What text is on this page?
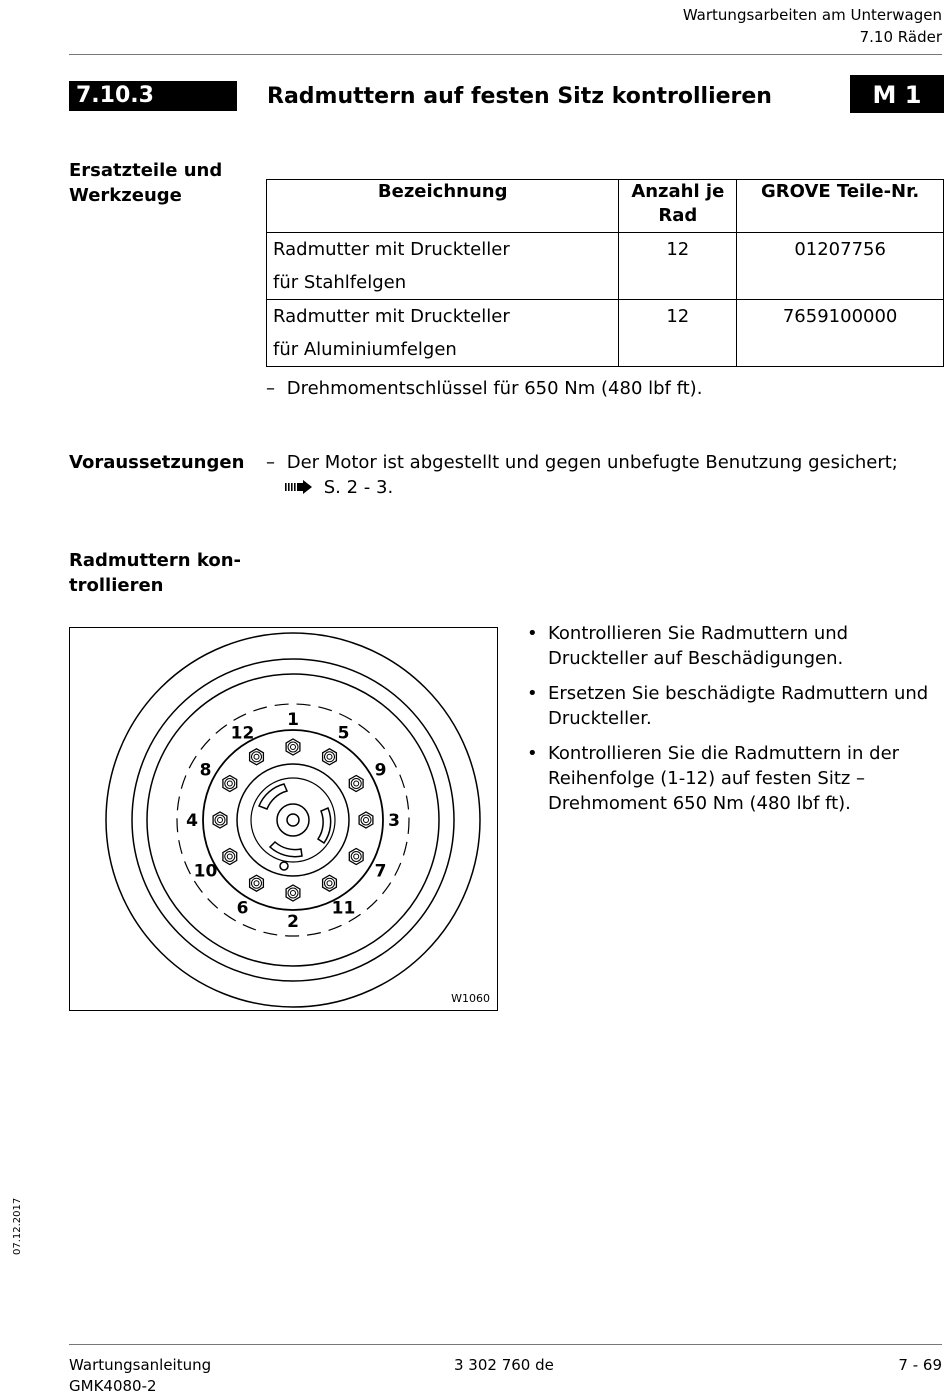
Wartungsarbeiten am Unterwagen
7.10 Räder
7.10.3	Radmuttern auf festen Sitz kontrollieren	M 1
Ersatzteile und Werkzeuge	Bezeichnung	Anzahl je Rad	GROVE Teile-Nr.

Radmutter mit Druckteller
für Stahlfelgen	12	01207756

Radmutter mit Druckteller
für Aluminiumfelgen	12	7659100000
– Drehmomentschlüssel für 650 Nm (480 lbf ft).
Voraussetzungen – Der Motor ist abgestellt und gegen unbefugte Benutzung gesichert;
S. 2 - 3.
Radmuttern kon-
trollieren
1
5
9
3
7
11
2
6
10
4
8
12
W1060
• Kontrollieren Sie Radmuttern und Druckteller auf Beschädigungen.
• Ersetzen Sie beschädigte Radmuttern und Druckteller.
• Kontrollieren Sie die Radmuttern in der Reihenfolge (1-12) auf festen Sitz – Drehmoment 650 Nm (480 lbf ft).
07.12.2017
Wartungsanleitung
GMK4080-2
3 302 760 de	7 - 69
